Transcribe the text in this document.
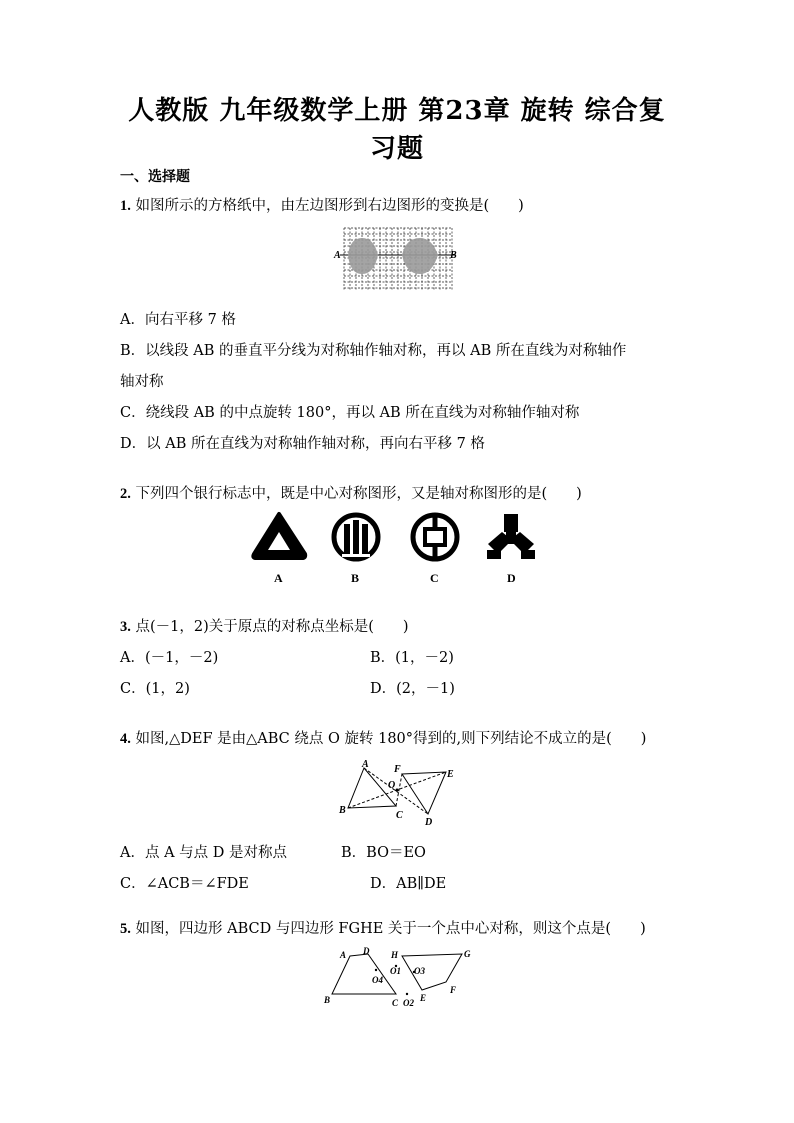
人教版 九年级数学上册 第23章 旋转 综合复
习题
一、选择题
1. 如图所示的方格纸中，由左边图形到右边图形的变换是(　　)
A	B
A．向右平移 7 格
B．以线段 AB 的垂直平分线为对称轴作轴对称，再以 AB 所在直线为对称轴作
轴对称
C．绕线段 AB 的中点旋转 180°，再以 AB 所在直线为对称轴作轴对称
D．以 AB 所在直线为对称轴作轴对称，再向右平移 7 格
2. 下列四个银行标志中，既是中心对称图形，又是轴对称图形的是(　　)
A	B	C	D
3. 点(－1，2)关于原点的对称点坐标是(　　)
A．(－1，－2)	B．(1，－2)
C．(1，2)	D．(2，－1)
4. 如图,△DEF 是由△ABC 绕点 O 旋转 180°得到的,则下列结论不成立的是(　　)
A	F	E
O
B	C
D
A．点 A 与点 D 是对称点	B．BO＝EO
C．∠ACB＝∠FDE	D．AB∥DE
5. 如图，四边形 ABCD 与四边形 FGHE 关于一个点中心对称，则这个点是(　　)
A D H	G
O4
O1 O3
B	C O2 E
F
